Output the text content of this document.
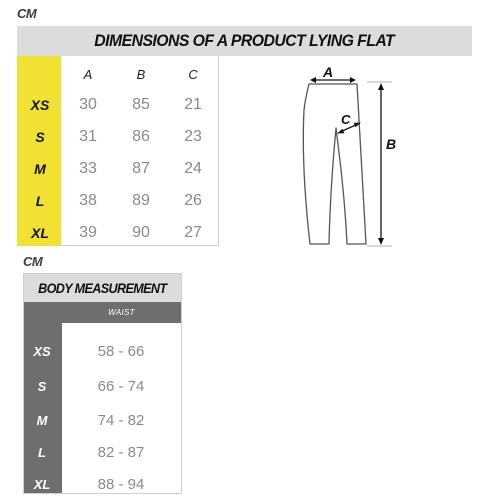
CM
DIMENSIONS OF A PRODUCT LYING FLAT
A	B	C
30 85 21
31 86 23
33 87 24
38 89 26
39 90 27
A
C
B
CM
BODY MEASUREMENT
WAIST
58 - 66
66 - 74
74 - 82
82 - 87
88 - 94
